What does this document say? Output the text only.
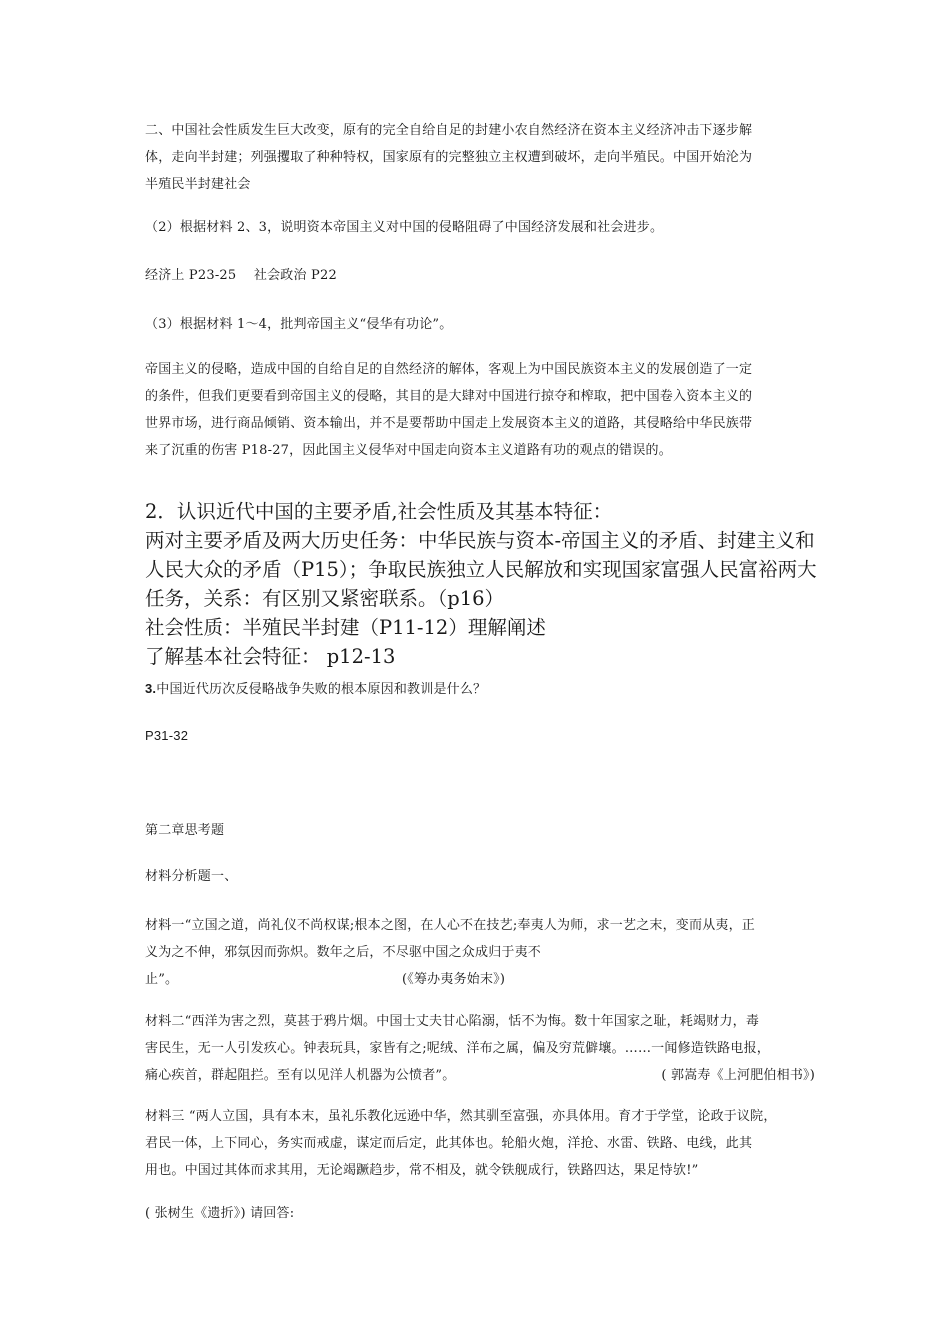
二、中国社会性质发生巨大改变，原有的完全自给自足的封建小农自然经济在资本主义经济冲击下逐步解
体，走向半封建；列强攫取了种种特权，国家原有的完整独立主权遭到破坏，走向半殖民。中国开始沦为
半殖民半封建社会
（2）根据材料 2、3，说明资本帝国主义对中国的侵略阻碍了中国经济发展和社会进步。
经济上 P23-25　 社会政治 P22
（3）根据材料 1～4，批判帝国主义“侵华有功论”。
帝国主义的侵略，造成中国的自给自足的自然经济的解体，客观上为中国民族资本主义的发展创造了一定
的条件，但我们更要看到帝国主义的侵略，其目的是大肆对中国进行掠夺和榨取，把中国卷入资本主义的
世界市场，进行商品倾销、资本输出，并不是要帮助中国走上发展资本主义的道路，其侵略给中华民族带
来了沉重的伤害 P18-27，因此国主义侵华对中国走向资本主义道路有功的观点的错误的。
2．认识近代中国的主要矛盾,社会性质及其基本特征：
两对主要矛盾及两大历史任务：中华民族与资本-帝国主义的矛盾、封建主义和
人民大众的矛盾（P15）；争取民族独立人民解放和实现国家富强人民富裕两大
任务，关系：有区别又紧密联系。（p16）
社会性质：半殖民半封建（P11-12）理解阐述
了解基本社会特征： p12-13
3.中国近代历次反侵略战争失败的根本原因和教训是什么？
P31-32
第二章思考题
材料分析题一、
材料一“立国之道，尚礼仪不尚权谋;根本之图，在人心不在技艺;奉夷人为师，求一艺之末，变而从夷，正
义为之不伸，邪氛因而弥炽。数年之后，不尽驱中国之众成归于夷不
止”。	(《筹办夷务始末》)
材料二“西洋为害之烈，莫甚于鸦片烟。中国士丈夫甘心陷溺，恬不为悔。数十年国家之耻，耗竭财力，毒
害民生，无一人引发疚心。钟表玩具，家皆有之;呢绒、洋布之属，偏及穷荒僻壤。……一闻修造铁路电报，
痛心疾首，群起阻拦。至有以见洋人机器为公愤者”。	( 郭嵩寿《上河肥伯相书》)
材料三 “两人立国，具有本末，虽礼乐教化远逊中华，然其驯至富强，亦具体用。育才于学堂，论政于议院，
君民一体，上下同心，务实而戒虚，谋定而后定，此其体也。轮船火炮，洋抢、水雷、铁路、电线，此其
用也。中国过其体而求其用，无论竭蹶趋步，常不相及，就令铁舰成行，铁路四达，果足恃欤!”
( 张树生《遗折》) 请回答:
